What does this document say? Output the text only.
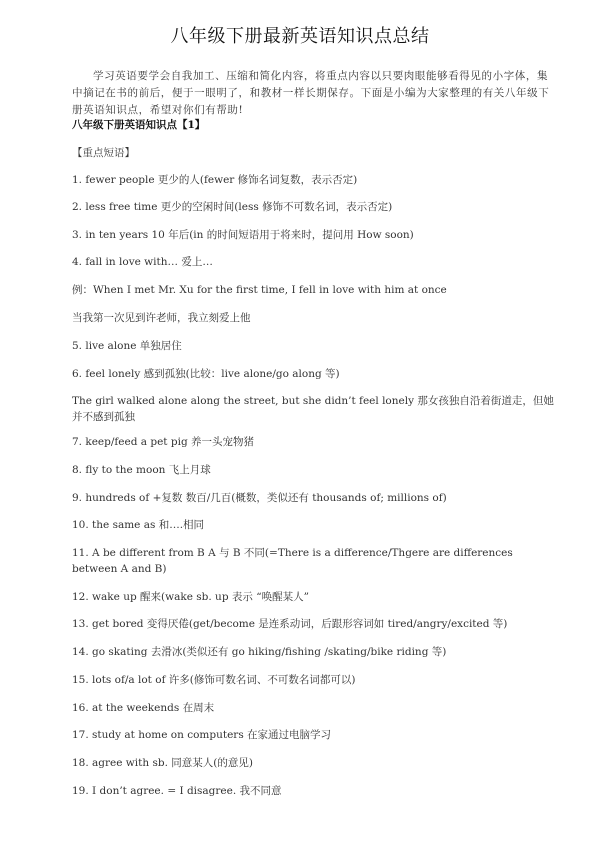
八年级下册最新英语知识点总结
学习英语要学会自我加工、压缩和简化内容，将重点内容以只要肉眼能够看得见的小字体，集中摘记在书的前后，便于一眼明了，和教材一样长期保存。下面是小编为大家整理的有关八年级下册英语知识点，希望对你们有帮助!
八年级下册英语知识点【1】
【重点短语】
1. fewer people 更少的人(fewer 修饰名词复数，表示否定)
2. less free time 更少的空闲时间(less 修饰不可数名词，表示否定)
3. in ten years 10 年后(in 的时间短语用于将来时，提问用 How soon)
4. fall in love with… 爱上…
例：When I met Mr. Xu for the first time, I fell in love with him at once
当我第一次见到许老师，我立刻爱上他
5. live alone 单独居住
6. feel lonely 感到孤独(比较：live alone/go along 等)
The girl walked alone along the street, but she didn’t feel lonely 那女孩独自沿着街道走，但她并不感到孤独
7. keep/feed a pet pig 养一头宠物猪
8. fly to the moon 飞上月球
9. hundreds of +复数 数百/几百(概数，类似还有 thousands of; millions of)
10. the same as 和….相同
11. A be different from B A 与 B 不同(=There is a difference/Thgere are differences between A and B)
12. wake up 醒来(wake sb. up 表示 “唤醒某人”
13. get bored 变得厌倦(get/become 是连系动词，后跟形容词如 tired/angry/excited 等)
14. go skating 去滑冰(类似还有 go hiking/fishing /skating/bike riding 等)
15. lots of/a lot of 许多(修饰可数名词、不可数名词都可以)
16. at the weekends 在周末
17. study at home on computers 在家通过电脑学习
18. agree with sb. 同意某人(的意见)
19. I don’t agree. = I disagree. 我不同意
